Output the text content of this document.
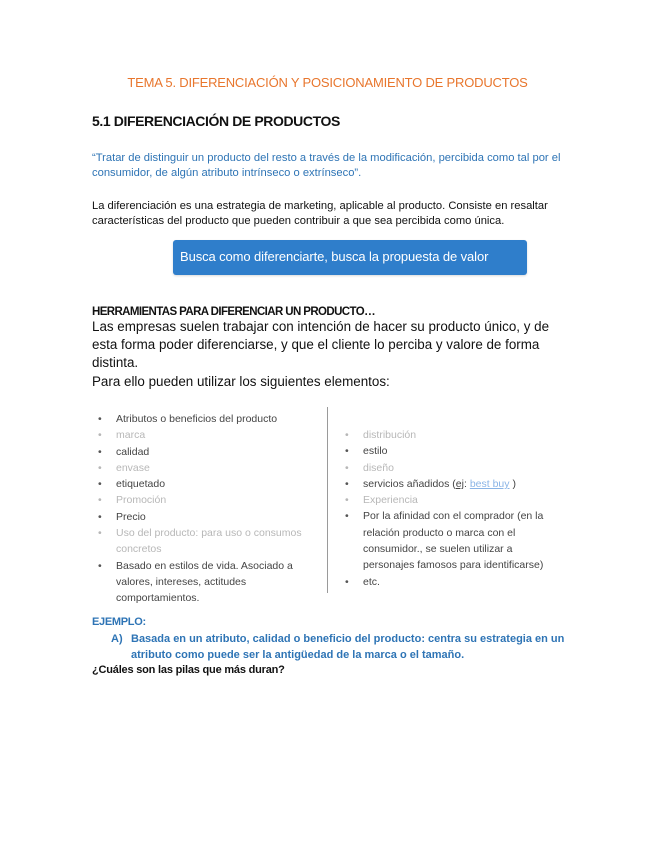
TEMA 5. DIFERENCIACIÓN Y POSICIONAMIENTO DE PRODUCTOS
5.1 DIFERENCIACIÓN DE PRODUCTOS
“Tratar de distinguir un producto del resto a través de la modificación, percibida como tal por el consumidor, de algún atributo intrínseco o extrínseco”.
La diferenciación es una estrategia de marketing, aplicable al producto. Consiste en resaltar características del producto que pueden contribuir a que sea percibida como única.
Busca como diferenciarte, busca la propuesta de valor
HERRAMIENTAS PARA DIFERENCIAR UN PRODUCTO…
Las empresas suelen trabajar con intención de hacer su producto único, y de esta forma poder diferenciarse, y que el cliente lo perciba y valore de forma distinta.
Para ello pueden utilizar los siguientes elementos:
• Atributos o beneficios del producto
• marca
• calidad
• envase
• etiquetado
• Promoción
• Precio
• Uso del producto: para uso o consumos concretos
• Basado en estilos de vida. Asociado a valores, intereses, actitudes comportamientos.
• distribución
• estilo
• diseño
• servicios añadidos (ej: best buy )
• Experiencia
• Por la afinidad con el comprador (en la relación producto o marca con el consumidor., se suelen utilizar a personajes famosos para identificarse)
• etc.
EJEMPLO:
A) Basada en un atributo, calidad o beneficio del producto: centra su estrategia en un atributo como puede ser la antigüedad de la marca o el tamaño.
¿Cuáles son las pilas que más duran?
